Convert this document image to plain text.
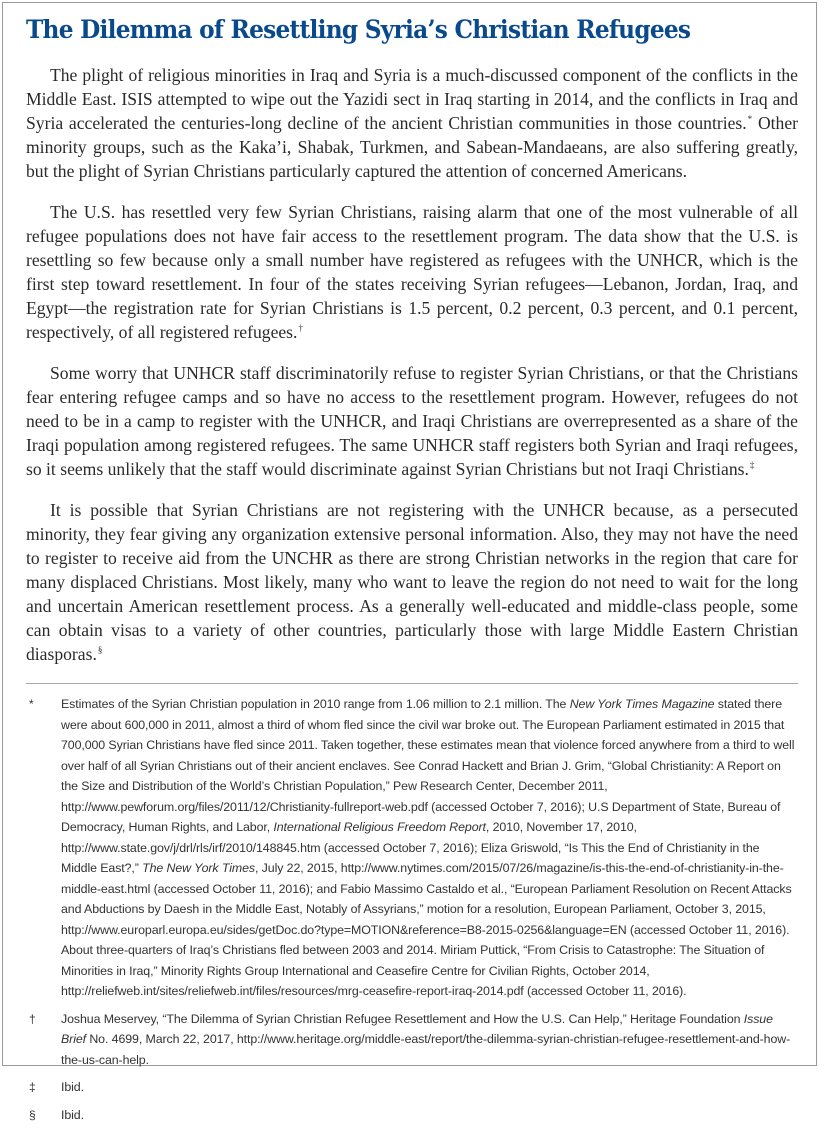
The Dilemma of Resettling Syria’s Christian Refugees

The plight of religious minorities in Iraq and Syria is a much-discussed component of the conflicts in the Middle East. ISIS attempted to wipe out the Yazidi sect in Iraq starting in 2014, and the conflicts in Iraq and Syria accelerated the centuries-long decline of the ancient Christian communities in those countries.* Other minority groups, such as the Kaka’i, Shabak, Turkmen, and Sabean-Mandaeans, are also suffering greatly, but the plight of Syrian Christians particularly captured the attention of concerned Americans.

The U.S. has resettled very few Syrian Christians, raising alarm that one of the most vulnerable of all refugee populations does not have fair access to the resettlement program. The data show that the U.S. is resettling so few because only a small number have registered as refugees with the UNHCR, which is the first step toward resettlement. In four of the states receiving Syrian refugees—Lebanon, Jordan, Iraq, and Egypt—the registration rate for Syrian Christians is 1.5 percent, 0.2 percent, 0.3 percent, and 0.1 percent, respectively, of all registered refugees.†

Some worry that UNHCR staff discriminatorily refuse to register Syrian Christians, or that the Christians fear entering refugee camps and so have no access to the resettlement program. However, refugees do not need to be in a camp to register with the UNHCR, and Iraqi Christians are overrepresented as a share of the Iraqi population among registered refugees. The same UNHCR staff registers both Syrian and Iraqi refugees, so it seems unlikely that the staff would discriminate against Syrian Christians but not Iraqi Christians.‡

It is possible that Syrian Christians are not registering with the UNHCR because, as a persecuted minority, they fear giving any organization extensive personal information. Also, they may not have the need to register to receive aid from the UNCHR as there are strong Christian networks in the region that care for many displaced Christians. Most likely, many who want to leave the region do not need to wait for the long and uncertain American resettlement process. As a generally well-educated and middle-class people, some can obtain visas to a variety of other countries, particularly those with large Middle Eastern Christian diasporas.§

*	Estimates of the Syrian Christian population in 2010 range from 1.06 million to 2.1 million. The New York Times Magazine stated there were about 600,000 in 2011, almost a third of whom fled since the civil war broke out. The European Parliament estimated in 2015 that 700,000 Syrian Christians have fled since 2011. Taken together, these estimates mean that violence forced anywhere from a third to well over half of all Syrian Christians out of their ancient enclaves. See Conrad Hackett and Brian J. Grim, “Global Christianity: A Report on the Size and Distribution of the World’s Christian Population,” Pew Research Center, December 2011, http://www.pewforum.org/files/2011/12/Christianity-fullreport-web.pdf (accessed October 7, 2016); U.S Department of State, Bureau of Democracy, Human Rights, and Labor, International Religious Freedom Report, 2010, November 17, 2010, http://www.state.gov/j/drl/rls/irf/2010/148845.htm (accessed October 7, 2016); Eliza Griswold, “Is This the End of Christianity in the Middle East?,” The New York Times, July 22, 2015, http://www.nytimes.com/2015/07/26/magazine/is-this-the-end-of-christianity-in-the-middle-east.html (accessed October 11, 2016); and Fabio Massimo Castaldo et al., “European Parliament Resolution on Recent Attacks and Abductions by Daesh in the Middle East, Notably of Assyrians,” motion for a resolution, European Parliament, October 3, 2015, http://www.europarl.europa.eu/sides/getDoc.do?type=MOTION&reference=B8-2015-0256&language=EN (accessed October 11, 2016). About three-quarters of Iraq’s Christians fled between 2003 and 2014. Miriam Puttick, “From Crisis to Catastrophe: The Situation of Minorities in Iraq,” Minority Rights Group International and Ceasefire Centre for Civilian Rights, October 2014, http://reliefweb.int/sites/reliefweb.int/files/resources/mrg-ceasefire-report-iraq-2014.pdf (accessed October 11, 2016).
†	Joshua Meservey, “The Dilemma of Syrian Christian Refugee Resettlement and How the U.S. Can Help,” Heritage Foundation Issue Brief No. 4699, March 22, 2017, http://www.heritage.org/middle-east/report/the-dilemma-syrian-christian-refugee-resettlement-and-how-the-us-can-help.
‡	Ibid.
§	Ibid.
